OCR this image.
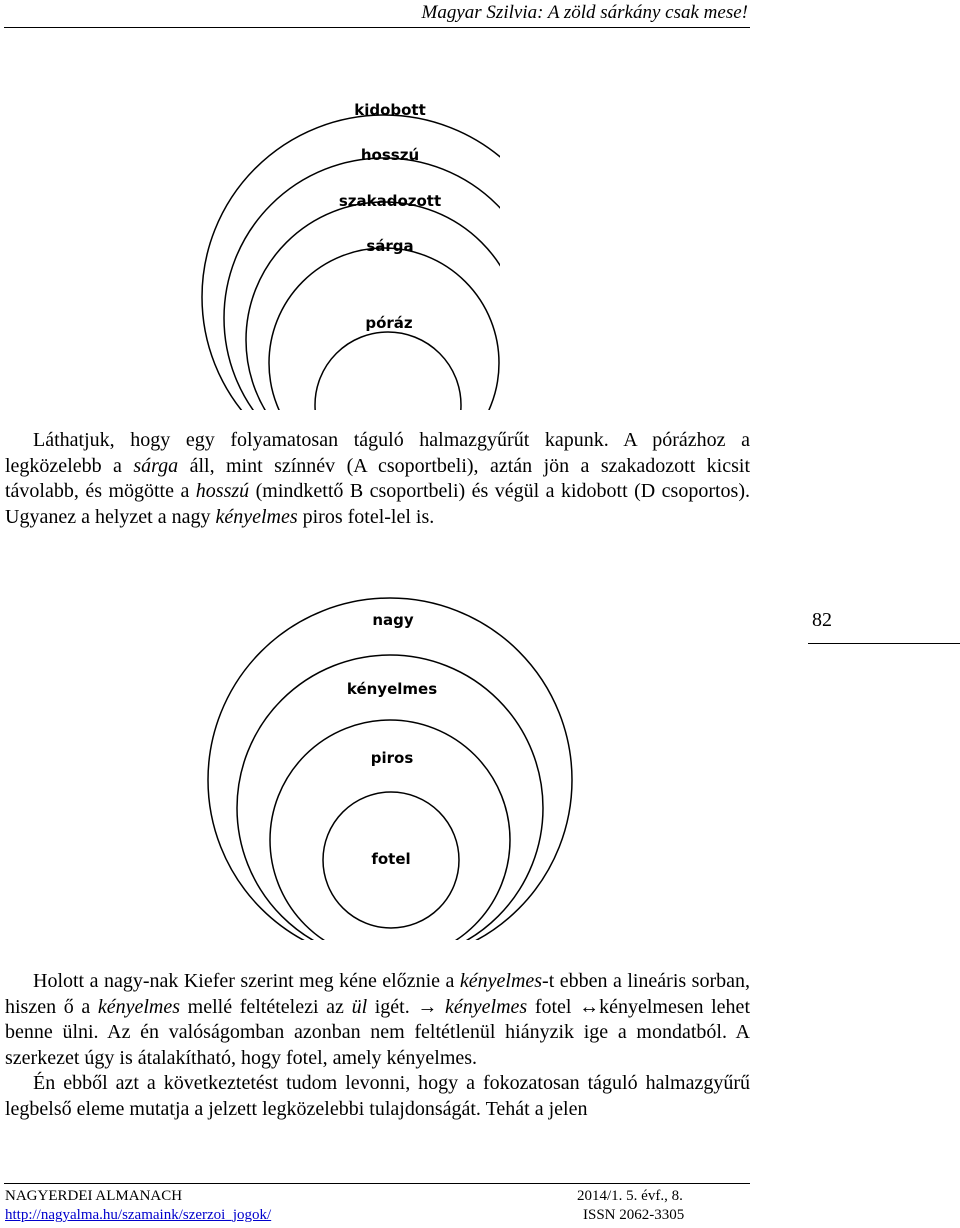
Magyar Szilvia: A zöld sárkány csak mese!
kidobott
hosszú
szakadozott
sárga
póráz

Láthatjuk, hogy egy folyamatosan táguló halmazgyűrűt kapunk. A pórázhoz a legközelebb a sárga áll, mint színnév (A csoportbeli), aztán jön a szakadozott kicsit távolabb, és mögötte a hosszú (mindkettő B csoportbeli) és végül a kidobott (D csoportos). Ugyanez a helyzet a nagy kényelmes piros fotel-lel is.

nagy
kényelmes
piros
fotel
82

Holott a nagy-nak Kiefer szerint meg kéne előznie a kényelmes-t ebben a lineáris sorban, hiszen ő a kényelmes mellé feltételezi az ül igét. → kényelmes fotel ↔kényelmesen lehet benne ülni. Az én valóságomban azonban nem feltétlenül hiányzik ige a mondatból. A szerkezet úgy is átalakítható, hogy fotel, amely kényelmes.

Én ebből azt a következtetést tudom levonni, hogy a fokozatosan táguló halmazgyűrű legbelső eleme mutatja a jelzett legközelebbi tulajdonságát. Tehát a jelen

NAGYERDEI ALMANACH	2014/1. 5. évf., 8.
http://nagyalma.hu/szamaink/szerzoi_jogok/	ISSN 2062-3305
